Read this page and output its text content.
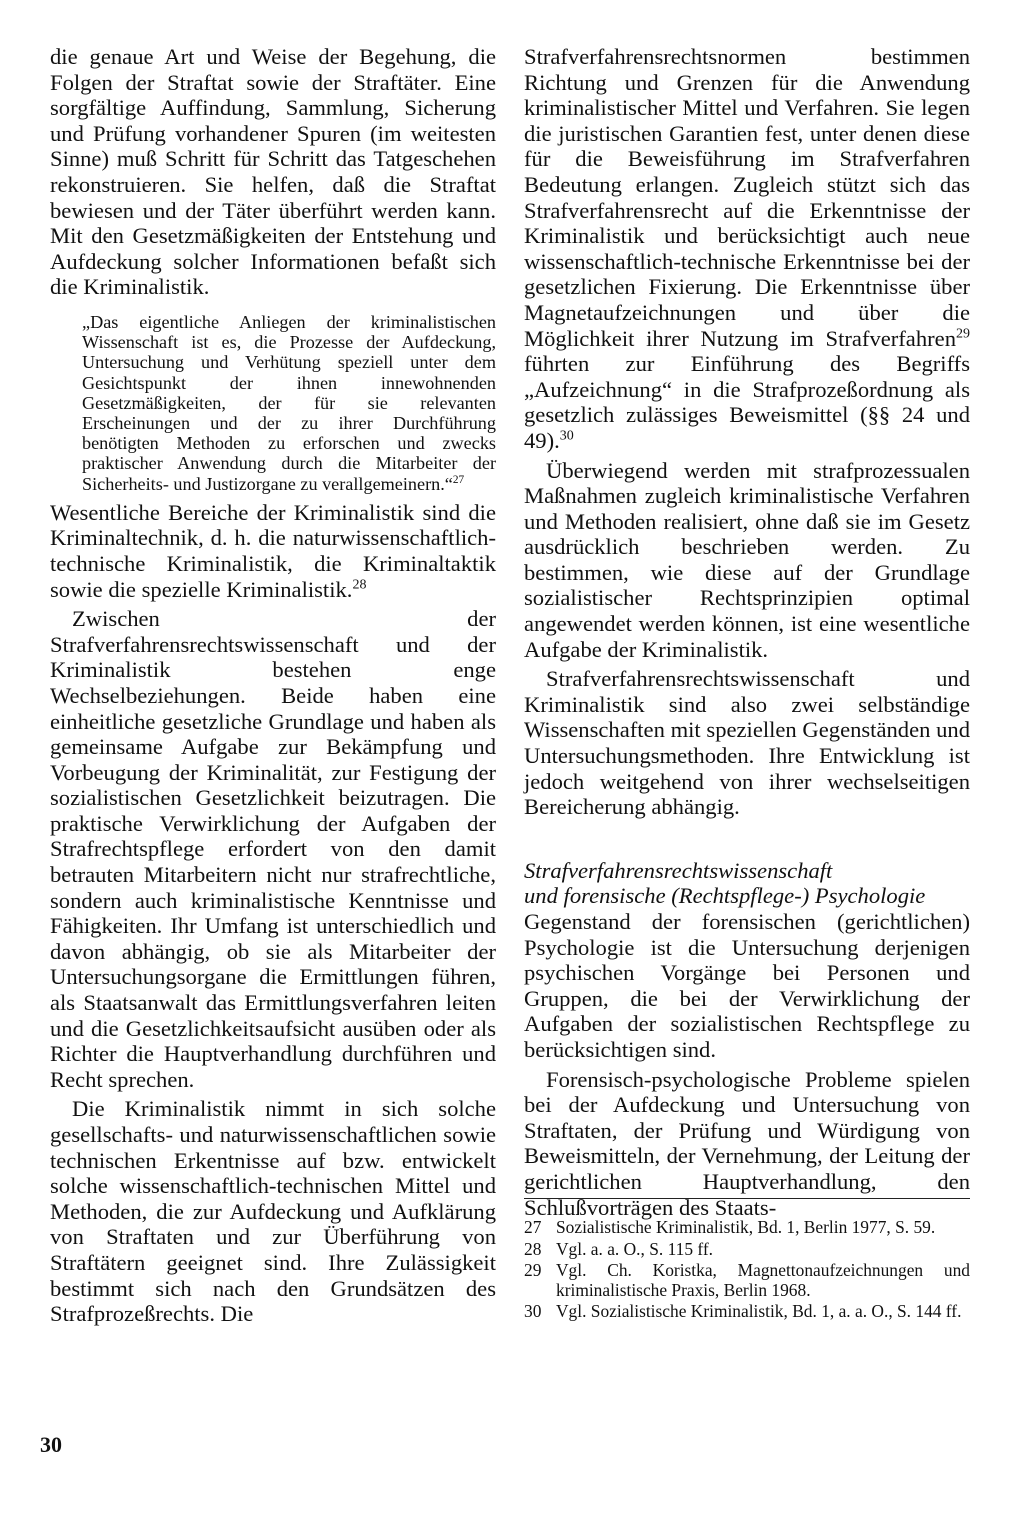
die genaue Art und Weise der Begehung, die Folgen der Straftat sowie der Straftäter. Eine sorgfältige Auffindung, Sammlung, Sicherung und Prüfung vorhandener Spuren (im weitesten Sinne) muß Schritt für Schritt das Tatgeschehen rekonstruieren. Sie helfen, daß die Straftat bewiesen und der Täter überführt werden kann. Mit den Gesetzmäßigkeiten der Entstehung und Aufdeckung solcher Informationen befaßt sich die Kriminalistik.

„Das eigentliche Anliegen der kriminalistischen Wissenschaft ist es, die Prozesse der Aufdeckung, Untersuchung und Verhütung speziell unter dem Gesichtspunkt der ihnen innewohnenden Gesetzmäßigkeiten, der für sie relevanten Erscheinungen und der zu ihrer Durchführung benötigten Methoden zu erforschen und zwecks praktischer Anwendung durch die Mitarbeiter der Sicherheits- und Justizorgane zu verallgemeinern.“$^{27}$

Wesentliche Bereiche der Kriminalistik sind die Kriminaltechnik, d. h. die naturwissenschaftlich-technische Kriminalistik, die Kriminaltaktik sowie die spezielle Kriminalistik.$^{28}$

Zwischen der Strafverfahrensrechtswissenschaft und der Kriminalistik bestehen enge Wechselbeziehungen. Beide haben eine einheitliche gesetzliche Grundlage und haben als gemeinsame Aufgabe zur Bekämpfung und Vorbeugung der Kriminalität, zur Festigung der sozialistischen Gesetzlichkeit beizutragen. Die praktische Verwirklichung der Aufgaben der Strafrechtspflege erfordert von den damit betrauten Mitarbeitern nicht nur strafrechtliche, sondern auch kriminalistische Kenntnisse und Fähigkeiten. Ihr Umfang ist unterschiedlich und davon abhängig, ob sie als Mitarbeiter der Untersuchungsorgane die Ermittlungen führen, als Staatsanwalt das Ermittlungsverfahren leiten und die Gesetzlichkeitsaufsicht ausüben oder als Richter die Hauptverhandlung durchführen und Recht sprechen.

Die Kriminalistik nimmt in sich solche gesellschafts- und naturwissenschaftlichen sowie technischen Erkentnisse auf bzw. entwickelt solche wissenschaftlich-technischen Mittel und Methoden, die zur Aufdeckung und Aufklärung von Straftaten und zur Überführung von Straftätern geeignet sind. Ihre Zulässigkeit bestimmt sich nach den Grundsätzen des Strafprozeßrechts. Die

Strafverfahrensrechtsnormen bestimmen Richtung und Grenzen für die Anwendung kriminalistischer Mittel und Verfahren. Sie legen die juristischen Garantien fest, unter denen diese für die Beweisführung im Strafverfahren Bedeutung erlangen. Zugleich stützt sich das Strafverfahrensrecht auf die Erkenntnisse der Kriminalistik und berücksichtigt auch neue wissenschaftlich-technische Erkenntnisse bei der gesetzlichen Fixierung. Die Erkenntnisse über Magnetaufzeichnungen und über die Möglichkeit ihrer Nutzung im Strafverfahren$^{29}$ führten zur Einführung des Begriffs „Aufzeichnung“ in die Strafprozeßordnung als gesetzlich zulässiges Beweismittel (§§ 24 und 49).$^{30}$

Überwiegend werden mit strafprozessualen Maßnahmen zugleich kriminalistische Verfahren und Methoden realisiert, ohne daß sie im Gesetz ausdrücklich beschrieben werden. Zu bestimmen, wie diese auf der Grundlage sozialistischer Rechtsprinzipien optimal angewendet werden können, ist eine wesentliche Aufgabe der Kriminalistik.

Strafverfahrensrechtswissenschaft und Kriminalistik sind also zwei selbständige Wissenschaften mit speziellen Gegenständen und Untersuchungsmethoden. Ihre Entwicklung ist jedoch weitgehend von ihrer wechselseitigen Bereicherung abhängig.

Strafverfahrensrechtswissenschaft
und forensische (Rechtspflege-) Psychologie

Gegenstand der forensischen (gerichtlichen) Psychologie ist die Untersuchung derjenigen psychischen Vorgänge bei Personen und Gruppen, die bei der Verwirklichung der Aufgaben der sozialistischen Rechtspflege zu berücksichtigen sind.

Forensisch-psychologische Probleme spielen bei der Aufdeckung und Untersuchung von Straftaten, der Prüfung und Würdigung von Beweismitteln, der Vernehmung, der Leitung der gerichtlichen Hauptverhandlung, den Schlußvorträgen des Staats-

27 Sozialistische Kriminalistik, Bd. 1, Berlin 1977, S. 59.
28 Vgl. a. a. O., S. 115 ff.
29 Vgl. Ch. Koristka, Magnettonaufzeichnungen und kriminalistische Praxis, Berlin 1968.
30 Vgl. Sozialistische Kriminalistik, Bd. 1, a. a. O., S. 144 ff.
30
